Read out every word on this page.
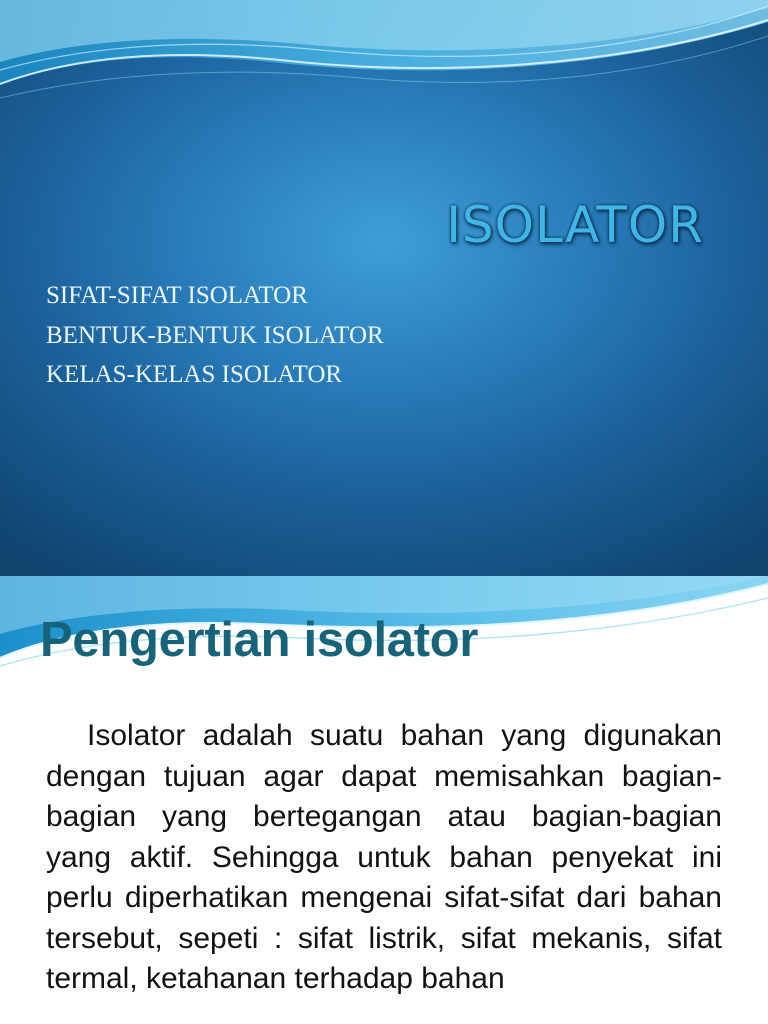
ISOLATOR
SIFAT-SIFAT ISOLATOR
BENTUK-BENTUK ISOLATOR
KELAS-KELAS ISOLATOR
Pengertian isolator

Isolator adalah suatu bahan yang digunakan dengan tujuan agar dapat memisahkan bagian-bagian yang bertegangan atau bagian-bagian yang aktif. Sehingga untuk bahan penyekat ini perlu diperhatikan mengenai sifat-sifat dari bahan tersebut, sepeti : sifat listrik, sifat mekanis, sifat termal, ketahanan terhadap bahan
